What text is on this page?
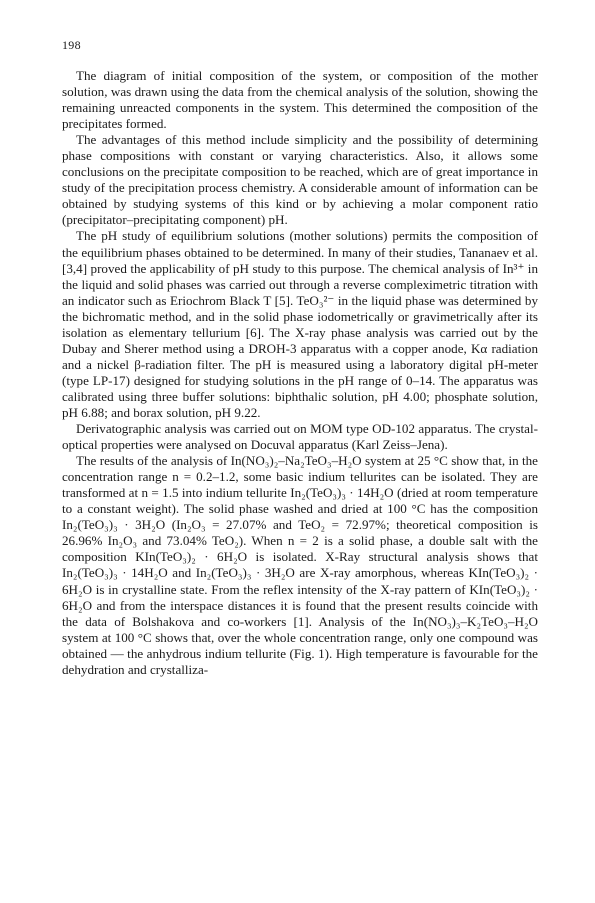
198

The diagram of initial composition of the system, or composition of the mother solution, was drawn using the data from the chemical analysis of the solution, showing the remaining unreacted components in the system. This determined the composition of the precipitates formed.

The advantages of this method include simplicity and the possibility of determining phase compositions with constant or varying characteristics. Also, it allows some conclusions on the precipitate composition to be reached, which are of great importance in study of the precipitation process chemistry. A considerable amount of information can be obtained by studying systems of this kind or by achieving a molar component ratio (precipitator–precipitating component) pH.

The pH study of equilibrium solutions (mother solutions) permits the composition of the equilibrium phases obtained to be determined. In many of their studies, Tananaev et al. [3,4] proved the applicability of pH study to this purpose. The chemical analysis of In³⁺ in the liquid and solid phases was carried out through a reverse compleximetric titration with an indicator such as Eriochrom Black T [5]. TeO₃²⁻ in the liquid phase was determined by the bichromatic method, and in the solid phase iodometrically or gravimetrically after its isolation as elementary tellurium [6]. The X-ray phase analysis was carried out by the Dubay and Sherer method using a DROH-3 apparatus with a copper anode, Kα radiation and a nickel β-radiation filter. The pH is measured using a laboratory digital pH-meter (type LP-17) designed for studying solutions in the pH range of 0–14. The apparatus was calibrated using three buffer solutions: biphthalic solution, pH 4.00; phosphate solution, pH 6.88; and borax solution, pH 9.22.

Derivatographic analysis was carried out on MOM type OD-102 apparatus. The crystal-optical properties were analysed on Docuval apparatus (Karl Zeiss–Jena).

The results of the analysis of In(NO₃)₂–Na₂TeO₃–H₂O system at 25 °C show that, in the concentration range n = 0.2–1.2, some basic indium tellurites can be isolated. They are transformed at n = 1.5 into indium tellurite In₂(TeO₃)₃ · 14H₂O (dried at room temperature to a constant weight). The solid phase washed and dried at 100 °C has the composition In₂(TeO₃)₃ · 3H₂O (In₂O₃ = 27.07% and TeO₂ = 72.97%; theoretical composition is 26.96% In₂O₃ and 73.04% TeO₂). When n = 2 is a solid phase, a double salt with the composition KIn(TeO₃)₂ · 6H₂O is isolated. X-Ray structural analysis shows that In₂(TeO₃)₃ · 14H₂O and In₂(TeO₃)₃ · 3H₂O are X-ray amorphous, whereas KIn(TeO₃)₂ · 6H₂O is in crystalline state. From the reflex intensity of the X-ray pattern of KIn(TeO₃)₂ · 6H₂O and from the interspace distances it is found that the present results coincide with the data of Bolshakova and co-workers [1]. Analysis of the In(NO₃)₃–K₂TeO₃–H₂O system at 100 °C shows that, over the whole concentration range, only one compound was obtained — the anhydrous indium tellurite (Fig. 1). High temperature is favourable for the dehydration and crystalliza-
